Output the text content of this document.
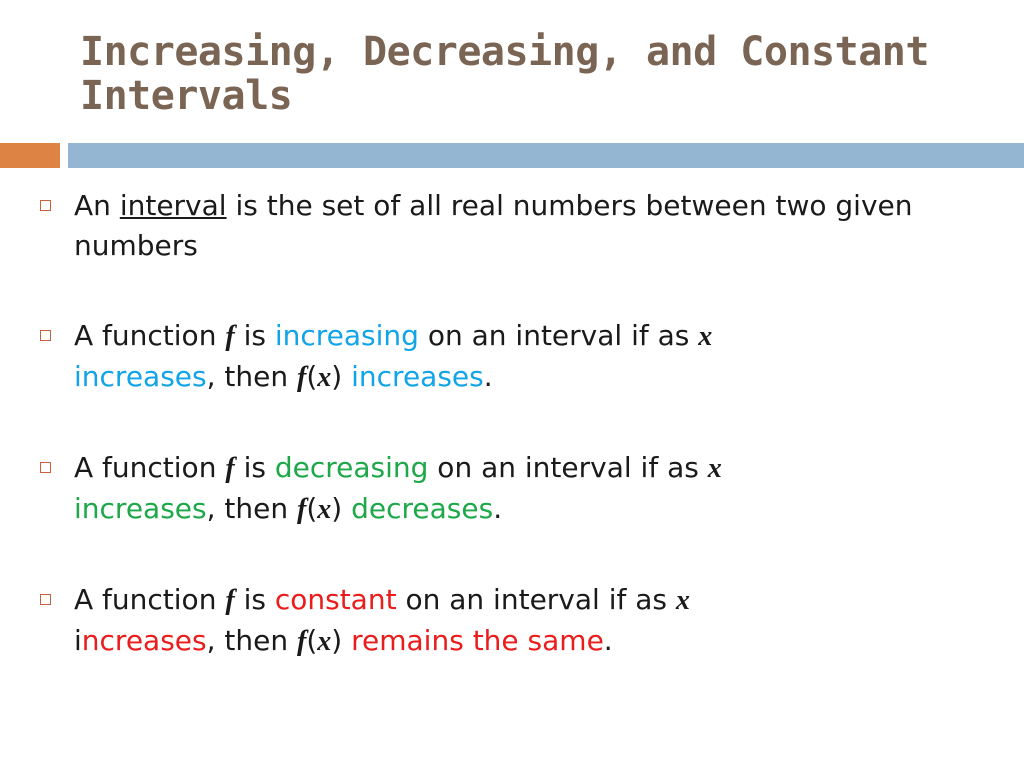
Increasing, Decreasing, and Constant Intervals
An interval is the set of all real numbers between two given numbers
A function f is increasing on an interval if as x
increases, then f(x) increases.
A function f is decreasing on an interval if as x
increases, then f(x) decreases.
A function f is constant on an interval if as x
increases, then f(x) remains the same.
